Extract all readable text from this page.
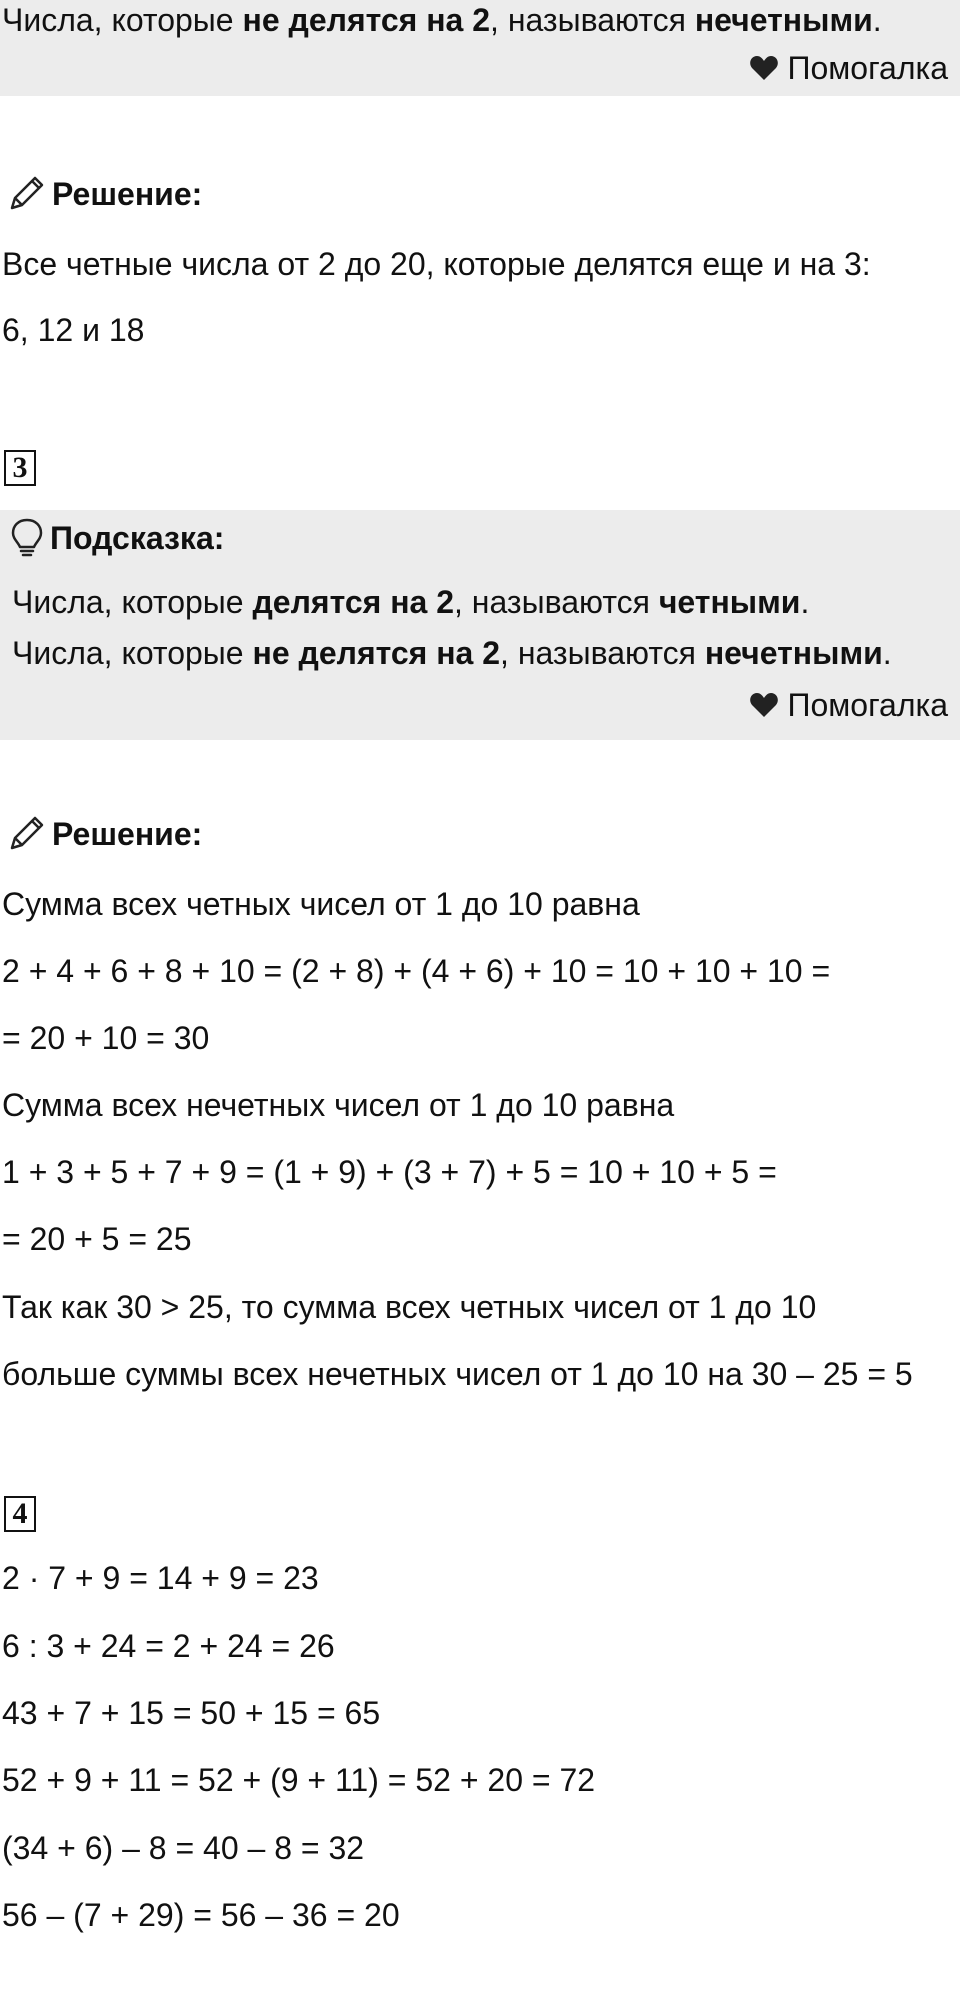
Числа, которые не делятся на 2, называются нечетными.
Помогалка
Решение:
Все четные числа от 2 до 20, которые делятся еще и на 3:
6, 12 и 18
3
Подсказка:
Числа, которые делятся на 2, называются четными.
Числа, которые не делятся на 2, называются нечетными.
Помогалка
Решение:
Сумма всех четных чисел от 1 до 10 равна
2 + 4 + 6 + 8 + 10 = (2 + 8) + (4 + 6) + 10 = 10 + 10 + 10 =
= 20 + 10 = 30
Сумма всех нечетных чисел от 1 до 10 равна
1 + 3 + 5 + 7 + 9 = (1 + 9) + (3 + 7) + 5 = 10 + 10 + 5 =
= 20 + 5 = 25
Так как 30 > 25, то сумма всех четных чисел от 1 до 10
больше суммы всех нечетных чисел от 1 до 10 на 30 – 25 = 5
4
2 · 7 + 9 = 14 + 9 = 23
6 : 3 + 24 = 2 + 24 = 26
43 + 7 + 15 = 50 + 15 = 65
52 + 9 + 11 = 52 + (9 + 11) = 52 + 20 = 72
(34 + 6) – 8 = 40 – 8 = 32
56 – (7 + 29) = 56 – 36 = 20
